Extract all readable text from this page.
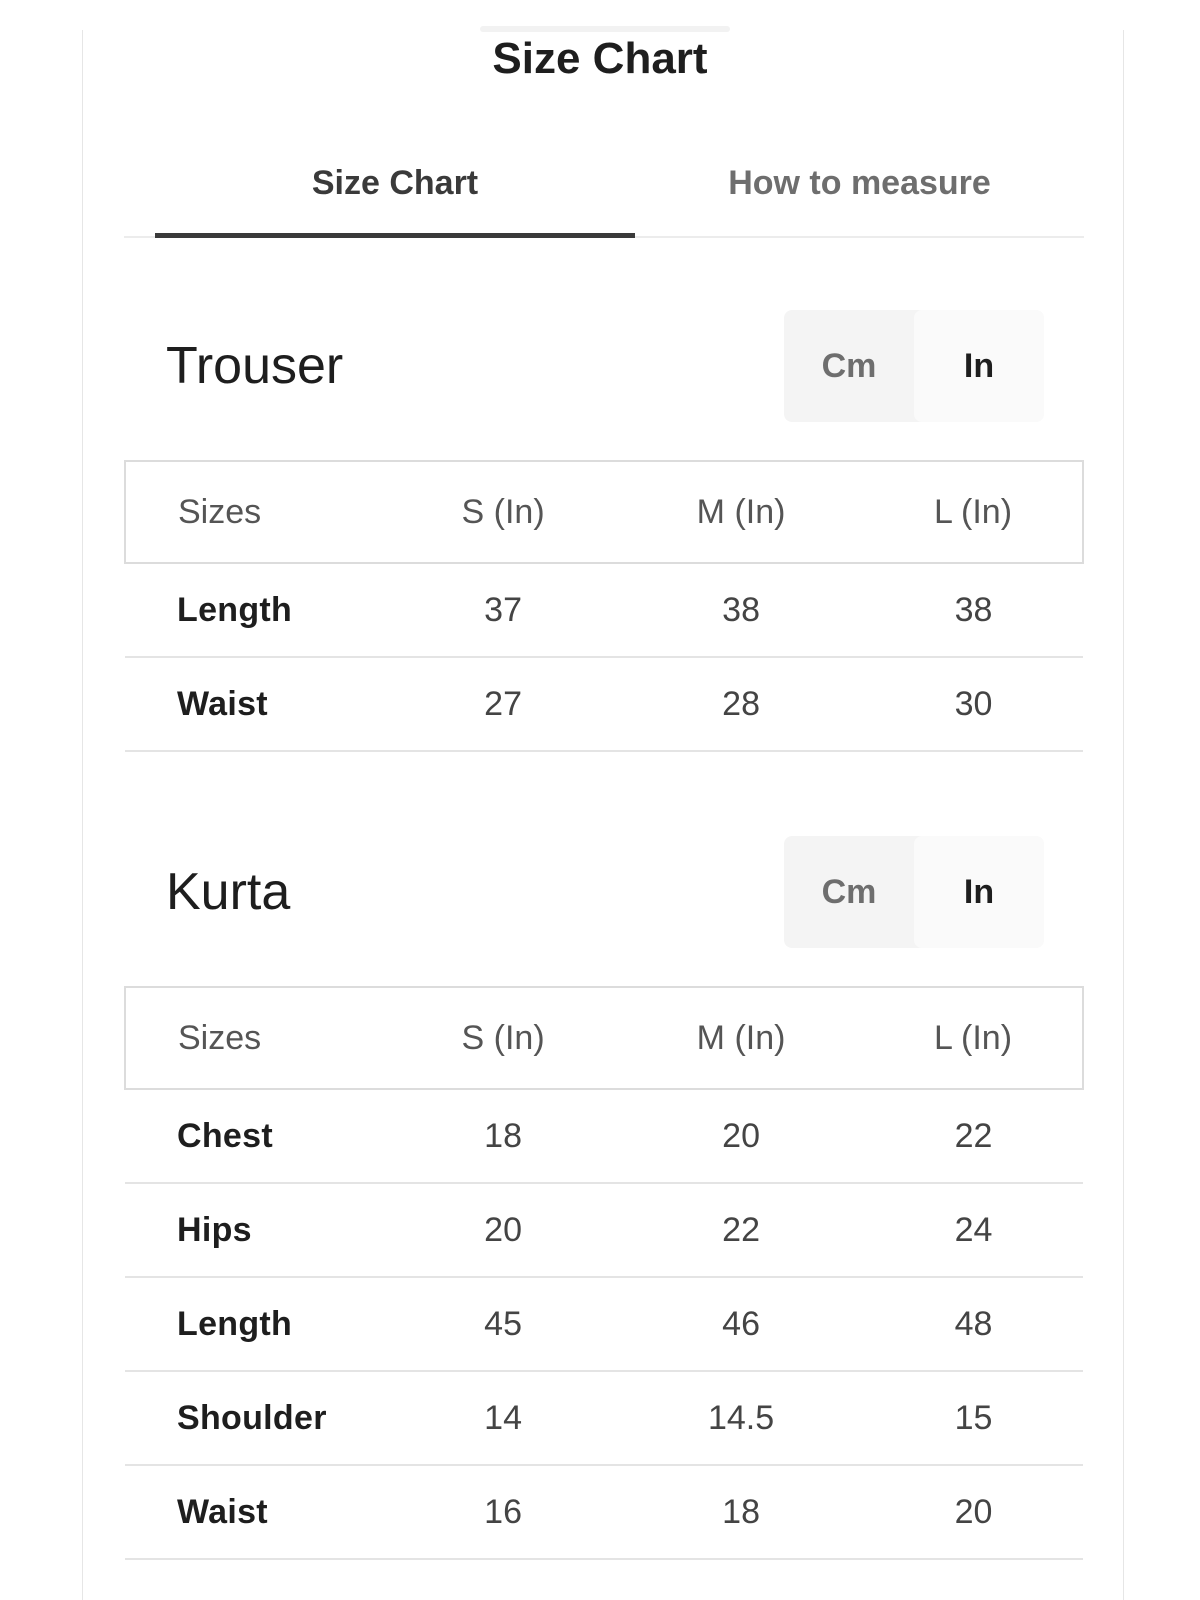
Size Chart
Size Chart	How to measure
Trouser	Cm	In
Sizes	S (In)	M (In)	L (In)
Length	37	38	38
Waist	27	28	30
Kurta	Cm	In
Sizes	S (In)	M (In)	L (In)
Chest	18	20	22
Hips	20	22	24
Length	45	46	48
Shoulder	14	14.5	15
Waist	16	18	20
